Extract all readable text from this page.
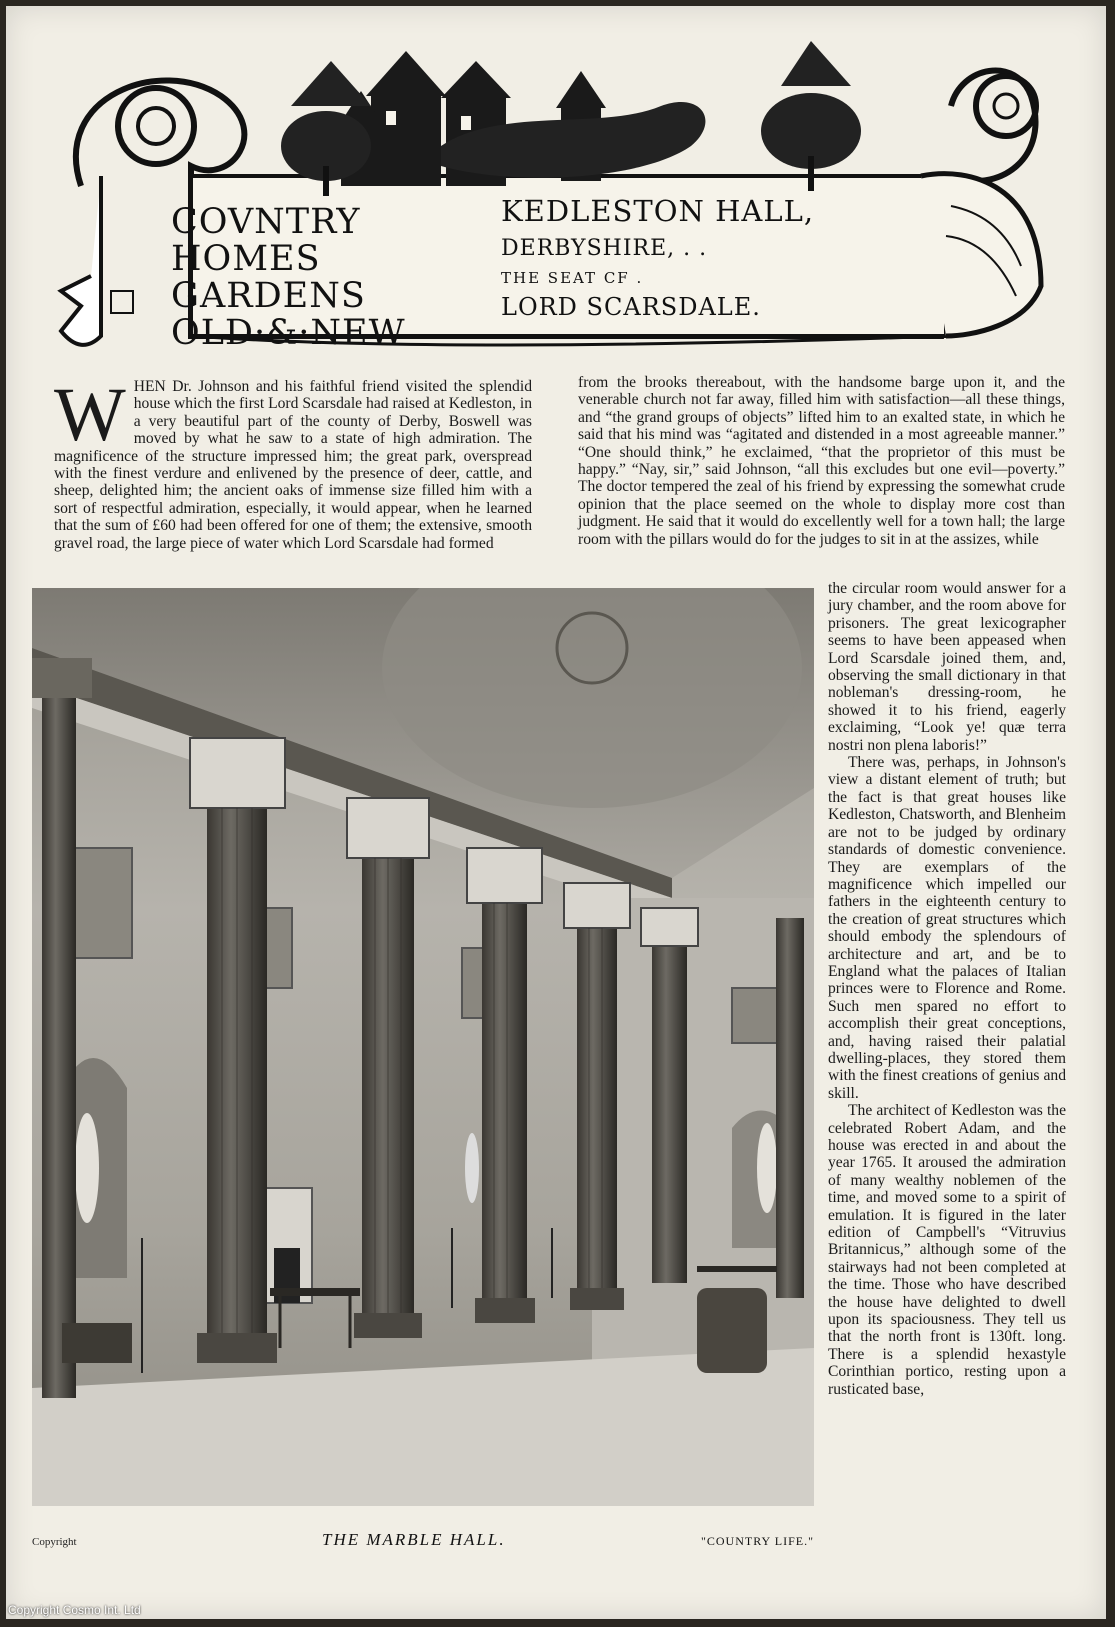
COVNTRY
HOMES
GARDENS
OLD·&·NEW
KEDLESTON HALL,
DERBYSHIRE, . .
THE SEAT CF .
LORD SCARSDALE.

WHEN Dr. Johnson and his faithful friend visited the splendid house which the first Lord Scarsdale had raised at Kedleston, in a very beautiful part of the county of Derby, Boswell was moved by what he saw to a state of high admiration. The magnificence of the structure impressed him; the great park, overspread with the finest verdure and enlivened by the presence of deer, cattle, and sheep, delighted him; the ancient oaks of immense size filled him with a sort of respectful admiration, especially, it would appear, when he learned that the sum of £60 had been offered for one of them; the extensive, smooth gravel road, the large piece of water which Lord Scarsdale had formed

from the brooks thereabout, with the handsome barge upon it, and the venerable church not far away, filled him with satisfaction—all these things, and “the grand groups of objects” lifted him to an exalted state, in which he said that his mind was “agitated and distended in a most agreeable manner.” “One should think,” he exclaimed, “that the proprietor of this must be happy.” “Nay, sir,” said Johnson, “all this excludes but one evil—poverty.” The doctor tempered the zeal of his friend by expressing the somewhat crude opinion that the place seemed on the whole to display more cost than judgment. He said that it would do excellently well for a town hall; the large room with the pillars would do for the judges to sit in at the assizes, while

the circular room would answer for a jury chamber, and the room above for prisoners. The great lexicographer seems to have been appeased when Lord Scarsdale joined them, and, observing the small dictionary in that nobleman's dressing-room, he showed it to his friend, eagerly exclaiming, “Look ye! quæ terra nostri non plena laboris!”

There was, perhaps, in Johnson's view a distant element of truth; but the fact is that great houses like Kedleston, Chatsworth, and Blenheim are not to be judged by ordinary standards of domestic convenience. They are exemplars of the magnificence which impelled our fathers in the eighteenth century to the creation of great structures which should embody the splendours of architecture and art, and be to England what the palaces of Italian princes were to Florence and Rome. Such men spared no effort to accomplish their great conceptions, and, having raised their palatial dwelling-places, they stored them with the finest creations of genius and skill.

The architect of Kedleston was the celebrated Robert Adam, and the house was erected in and about the year 1765. It aroused the admiration of many wealthy noblemen of the time, and moved some to a spirit of emulation. It is figured in the later edition of Campbell's “Vitruvius Britannicus,” although some of the stairways had not been completed at the time. Those who have described the house have delighted to dwell upon its spaciousness. They tell us that the north front is 130ft. long. There is a splendid hexastyle Corinthian portico, resting upon a rusticated base,

Copyright	THE MARBLE HALL.	"COUNTRY LIFE."
Copyright Cosmo Int. Ltd
